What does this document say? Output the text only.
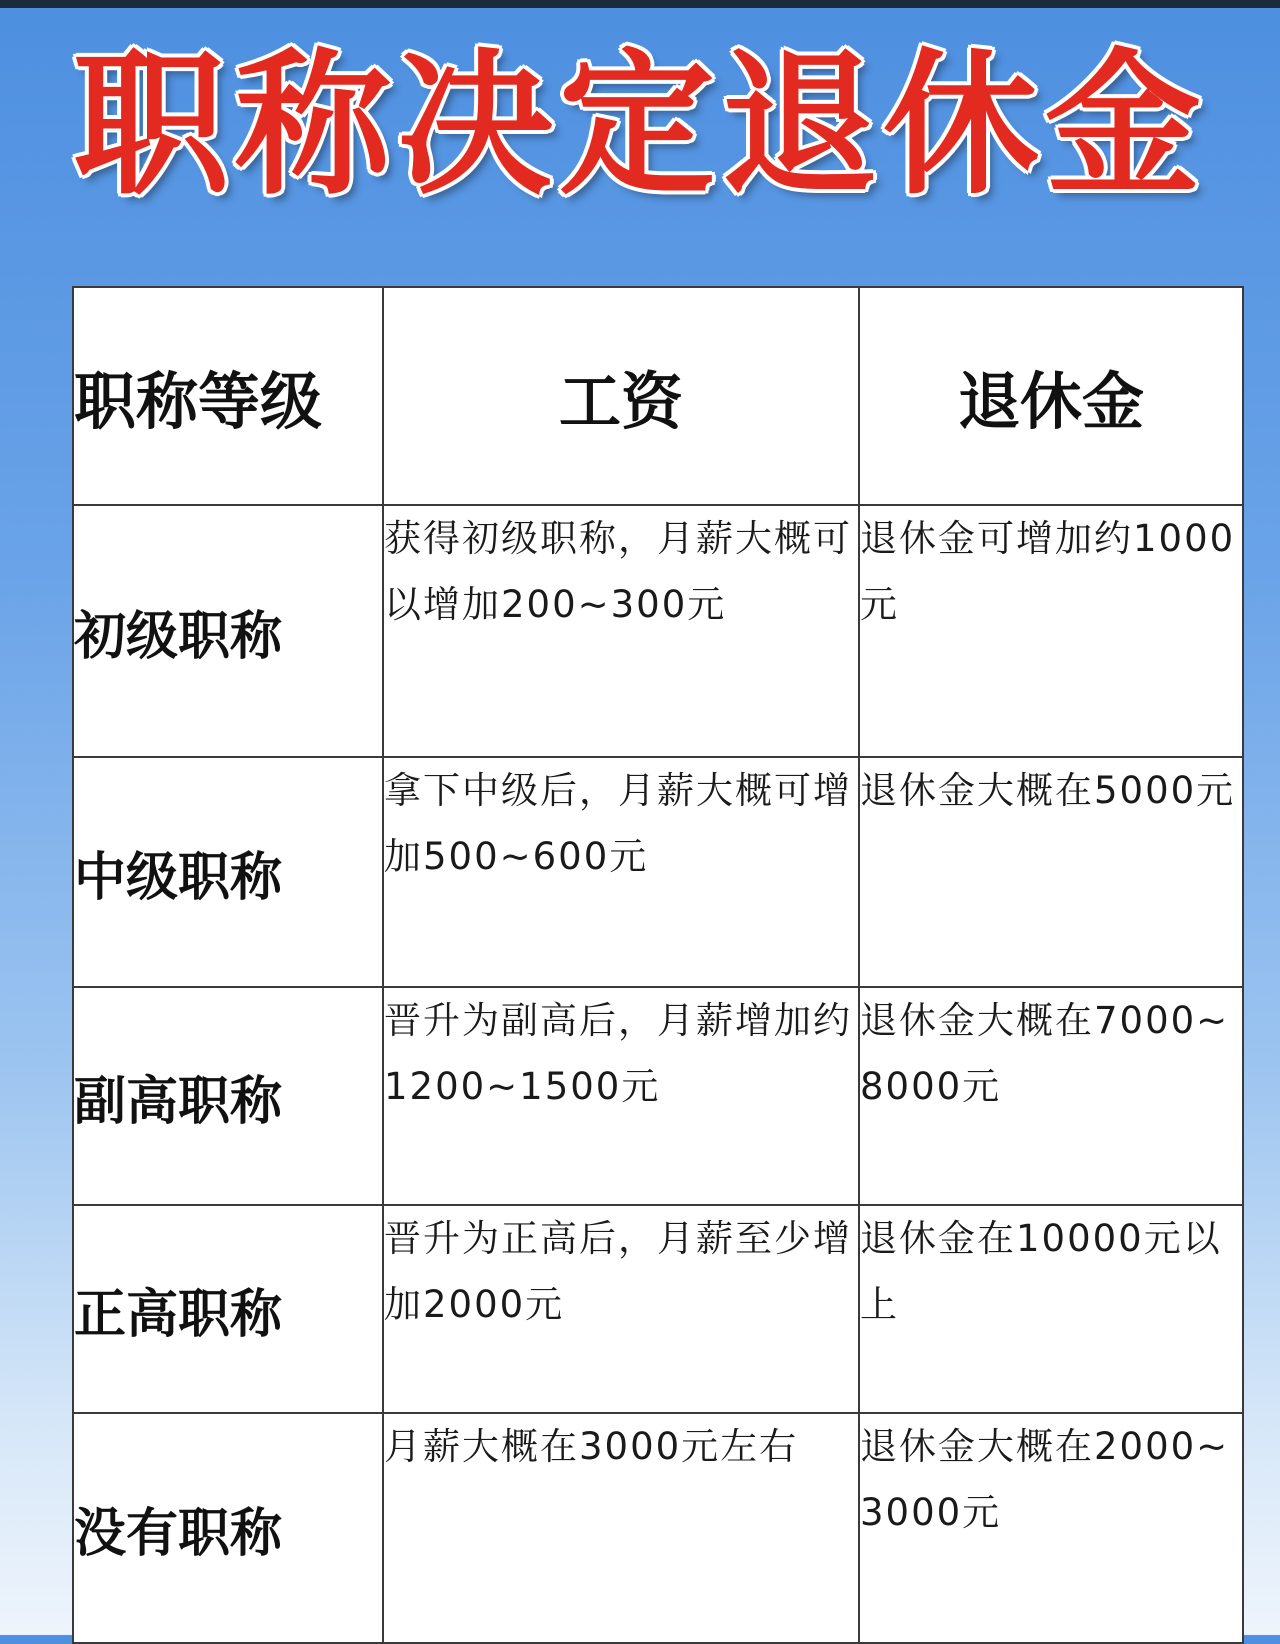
职称决定退休金
职称等级	工资	退休金
初级职称	获得初级职称，月薪大概可以增加200~300元	退休金可增加约1000元
中级职称	拿下中级后，月薪大概可增加500~600元	退休金大概在5000元
副高职称	晋升为副高后，月薪增加约1200~1500元	退休金大概在7000~8000元
正高职称	晋升为正高后，月薪至少增加2000元	退休金在10000元以上
没有职称	月薪大概在3000元左右	退休金大概在2000~3000元
